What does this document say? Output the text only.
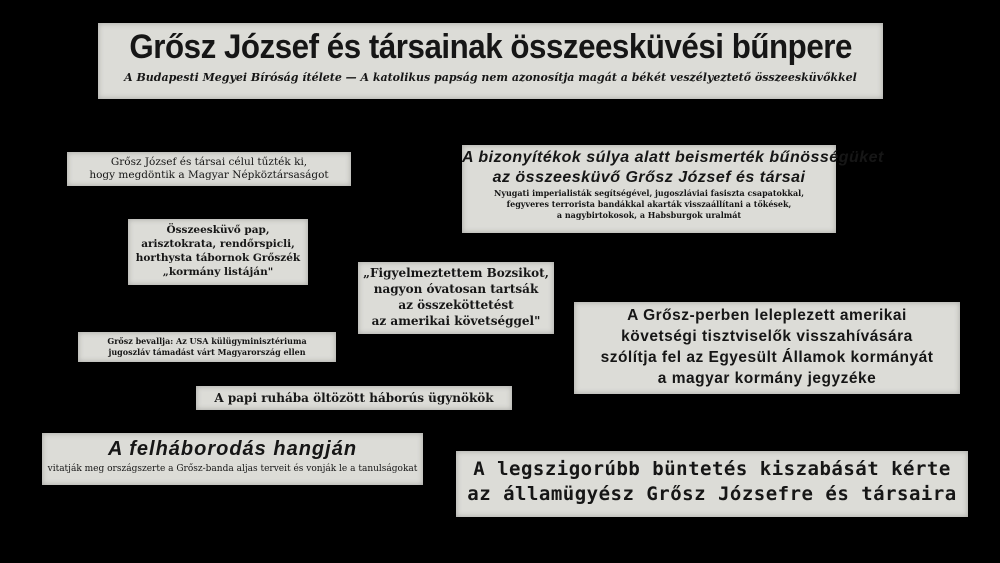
Grősz József és társainak összeesküvési bűnpere
A Budapesti Megyei Bíróság ítélete — A katolikus papság nem azonosítja magát a békét veszélyeztető összeesküvőkkel
Grősz József és társai célul tűzték ki,
hogy megdöntik a Magyar Népköztársaságot
A bizonyítékok súlya alatt beismerték bűnösségüket
az összeesküvő Grősz József és társai
Nyugati imperialisták segítségével, jugoszláviai fasiszta csapatokkal,
fegyveres terrorista bandákkal akarták visszaállítani a tőkések,
a nagybirtokosok, a Habsburgok uralmát
Összeesküvő pap,
arisztokrata, rendőrspicli,
horthysta tábornok Grőszék
„kormány listáján"	„Figyelmeztettem Bozsikot,
nagyon óvatosan tartsák
az összeköttetést
az amerikai követséggel"	A Grősz-perben leleplezett amerikai
követségi tisztviselők visszahívására
szólítja fel az Egyesült Államok kormányát
a magyar kormány jegyzéke
Grősz bevallja: Az USA külügyminisztériuma
jugoszláv támadást várt Magyarország ellen
A papi ruhába öltözött háborús ügynökök
A felháborodás hangján
vitatják meg országszerte a Grősz-banda aljas terveit és vonják le a tanulságokat	A legszigorúbb büntetés kiszabását kérte
az államügyész Grősz Józsefre és társaira
